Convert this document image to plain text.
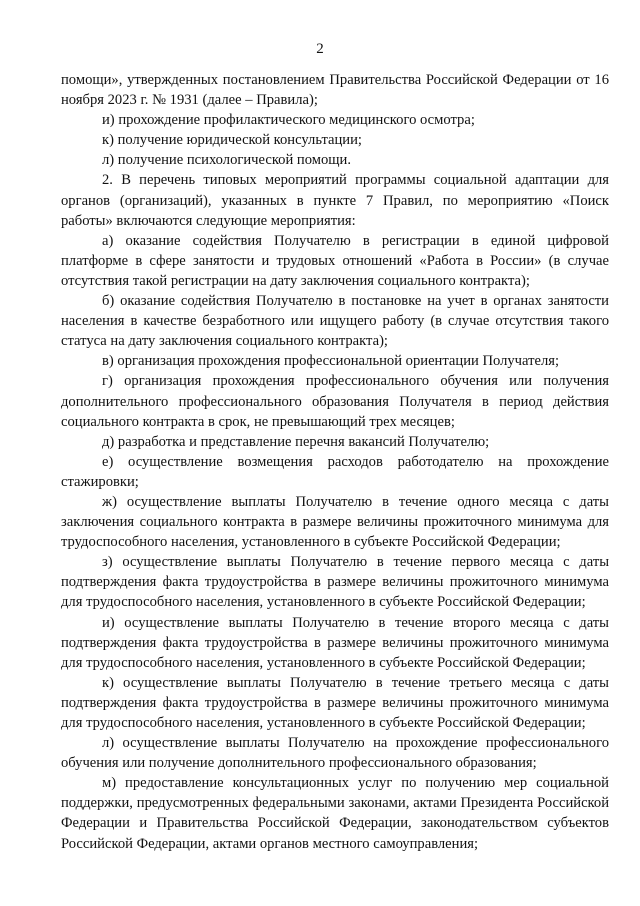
2

помощи», утвержденных постановлением Правительства Российской Федерации от 16 ноября 2023 г. № 1931 (далее – Правила);

и) прохождение профилактического медицинского осмотра;

к) получение юридической консультации;

л) получение психологической помощи.

2. В перечень типовых мероприятий программы социальной адаптации для органов (организаций), указанных в пункте 7 Правил, по мероприятию «Поиск работы» включаются следующие мероприятия:

а) оказание содействия Получателю в регистрации в единой цифровой платформе в сфере занятости и трудовых отношений «Работа в России» (в случае отсутствия такой регистрации на дату заключения социального контракта);

б) оказание содействия Получателю в постановке на учет в органах занятости населения в качестве безработного или ищущего работу (в случае отсутствия такого статуса на дату заключения социального контракта);

в) организация прохождения профессиональной ориентации Получателя;

г) организация прохождения профессионального обучения или получения дополнительного профессионального образования Получателя в период действия социального контракта в срок, не превышающий трех месяцев;

д) разработка и представление перечня вакансий Получателю;

е) осуществление возмещения расходов работодателю на прохождение стажировки;

ж) осуществление выплаты Получателю в течение одного месяца с даты заключения социального контракта в размере величины прожиточного минимума для трудоспособного населения, установленного в субъекте Российской Федерации;

з) осуществление выплаты Получателю в течение первого месяца с даты подтверждения факта трудоустройства в размере величины прожиточного минимума для трудоспособного населения, установленного в субъекте Российской Федерации;

и) осуществление выплаты Получателю в течение второго месяца с даты подтверждения факта трудоустройства в размере величины прожиточного минимума для трудоспособного населения, установленного в субъекте Российской Федерации;

к) осуществление выплаты Получателю в течение третьего месяца с даты подтверждения факта трудоустройства в размере величины прожиточного минимума для трудоспособного населения, установленного в субъекте Российской Федерации;

л) осуществление выплаты Получателю на прохождение профессионального обучения или получение дополнительного профессионального образования;

м) предоставление консультационных услуг по получению мер социальной поддержки, предусмотренных федеральными законами, актами Президента Российской Федерации и Правительства Российской Федерации, законодательством субъектов Российской Федерации, актами органов местного самоуправления;
